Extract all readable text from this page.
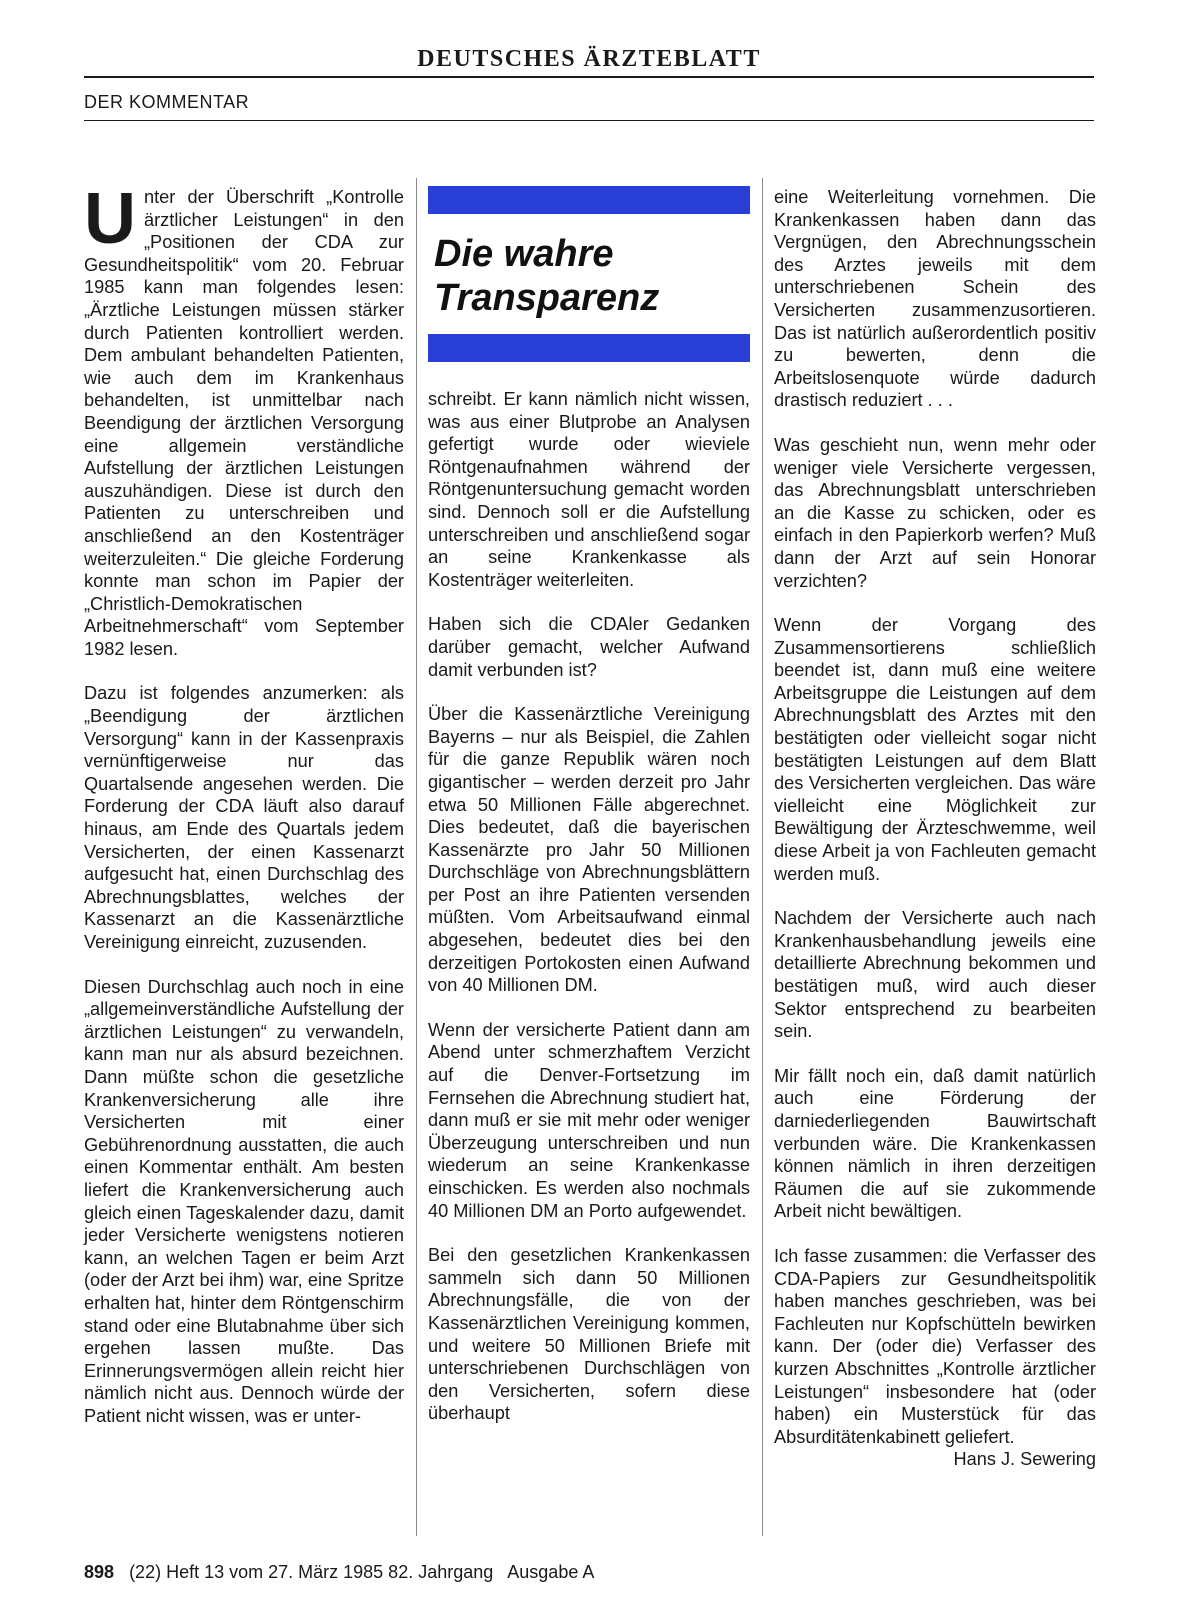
DEUTSCHES ÄRZTEBLATT
DER KOMMENTAR

Unter der Überschrift „Kontrolle ärztlicher Leistungen“ in den „Positionen der CDA zur Gesundheitspolitik“ vom 20. Februar 1985 kann man folgendes lesen: „Ärztliche Leistungen müssen stärker durch Patienten kontrolliert werden. Dem ambulant behandelten Patienten, wie auch dem im Krankenhaus behandelten, ist unmittelbar nach Beendigung der ärztlichen Versorgung eine allgemein verständliche Aufstellung der ärztlichen Leistungen auszuhändigen. Diese ist durch den Patienten zu unterschreiben und anschließend an den Kostenträger weiterzuleiten.“ Die gleiche Forderung konnte man schon im Papier der „Christlich-Demokratischen Arbeitnehmerschaft“ vom September 1982 lesen.

Dazu ist folgendes anzumerken: als „Beendigung der ärztlichen Versorgung“ kann in der Kassenpraxis vernünftigerweise nur das Quartalsende angesehen werden. Die Forderung der CDA läuft also darauf hinaus, am Ende des Quartals jedem Versicherten, der einen Kassenarzt aufgesucht hat, einen Durchschlag des Abrechnungsblattes, welches der Kassenarzt an die Kassenärztliche Vereinigung einreicht, zuzusenden.

Diesen Durchschlag auch noch in eine „allgemeinverständliche Aufstellung der ärztlichen Leistungen“ zu verwandeln, kann man nur als absurd bezeichnen. Dann müßte schon die gesetzliche Krankenversicherung alle ihre Versicherten mit einer Gebührenordnung ausstatten, die auch einen Kommentar enthält. Am besten liefert die Krankenversicherung auch gleich einen Tageskalender dazu, damit jeder Versicherte wenigstens notieren kann, an welchen Tagen er beim Arzt (oder der Arzt bei ihm) war, eine Spritze erhalten hat, hinter dem Röntgenschirm stand oder eine Blutabnahme über sich ergehen lassen mußte. Das Erinnerungsvermögen allein reicht hier nämlich nicht aus. Dennoch würde der Patient nicht wissen, was er unter-

Die wahre
Transparenz

schreibt. Er kann nämlich nicht wissen, was aus einer Blutprobe an Analysen gefertigt wurde oder wieviele Röntgenaufnahmen während der Röntgenuntersuchung gemacht worden sind. Dennoch soll er die Aufstellung unterschreiben und anschließend sogar an seine Krankenkasse als Kostenträger weiterleiten.

Haben sich die CDAler Gedanken darüber gemacht, welcher Aufwand damit verbunden ist?

Über die Kassenärztliche Vereinigung Bayerns – nur als Beispiel, die Zahlen für die ganze Republik wären noch gigantischer – werden derzeit pro Jahr etwa 50 Millionen Fälle abgerechnet. Dies bedeutet, daß die bayerischen Kassenärzte pro Jahr 50 Millionen Durchschläge von Abrechnungsblättern per Post an ihre Patienten versenden müßten. Vom Arbeitsaufwand einmal abgesehen, bedeutet dies bei den derzeitigen Portokosten einen Aufwand von 40 Millionen DM.

Wenn der versicherte Patient dann am Abend unter schmerzhaftem Verzicht auf die Denver-Fortsetzung im Fernsehen die Abrechnung studiert hat, dann muß er sie mit mehr oder weniger Überzeugung unterschreiben und nun wiederum an seine Krankenkasse einschicken. Es werden also nochmals 40 Millionen DM an Porto aufgewendet.

Bei den gesetzlichen Krankenkassen sammeln sich dann 50 Millionen Abrechnungsfälle, die von der Kassenärztlichen Vereinigung kommen, und weitere 50 Millionen Briefe mit unterschriebenen Durchschlägen von den Versicherten, sofern diese überhaupt

eine Weiterleitung vornehmen. Die Krankenkassen haben dann das Vergnügen, den Abrechnungsschein des Arztes jeweils mit dem unterschriebenen Schein des Versicherten zusammenzusortieren. Das ist natürlich außerordentlich positiv zu bewerten, denn die Arbeitslosenquote würde dadurch drastisch reduziert . . .

Was geschieht nun, wenn mehr oder weniger viele Versicherte vergessen, das Abrechnungsblatt unterschrieben an die Kasse zu schicken, oder es einfach in den Papierkorb werfen? Muß dann der Arzt auf sein Honorar verzichten?

Wenn der Vorgang des Zusammensortierens schließlich beendet ist, dann muß eine weitere Arbeitsgruppe die Leistungen auf dem Abrechnungsblatt des Arztes mit den bestätigten oder vielleicht sogar nicht bestätigten Leistungen auf dem Blatt des Versicherten vergleichen. Das wäre vielleicht eine Möglichkeit zur Bewältigung der Ärzteschwemme, weil diese Arbeit ja von Fachleuten gemacht werden muß.

Nachdem der Versicherte auch nach Krankenhausbehandlung jeweils eine detaillierte Abrechnung bekommen und bestätigen muß, wird auch dieser Sektor entsprechend zu bearbeiten sein.

Mir fällt noch ein, daß damit natürlich auch eine Förderung der darniederliegenden Bauwirtschaft verbunden wäre. Die Krankenkassen können nämlich in ihren derzeitigen Räumen die auf sie zukommende Arbeit nicht bewältigen.

Ich fasse zusammen: die Verfasser des CDA-Papiers zur Gesundheitspolitik haben manches geschrieben, was bei Fachleuten nur Kopfschütteln bewirken kann. Der (oder die) Verfasser des kurzen Abschnittes „Kontrolle ärztlicher Leistungen“ insbesondere hat (oder haben) ein Musterstück für das Absurditätenkabinett geliefert.
Hans J. Sewering

898 (22) Heft 13 vom 27. März 1985 82. Jahrgang Ausgabe A
